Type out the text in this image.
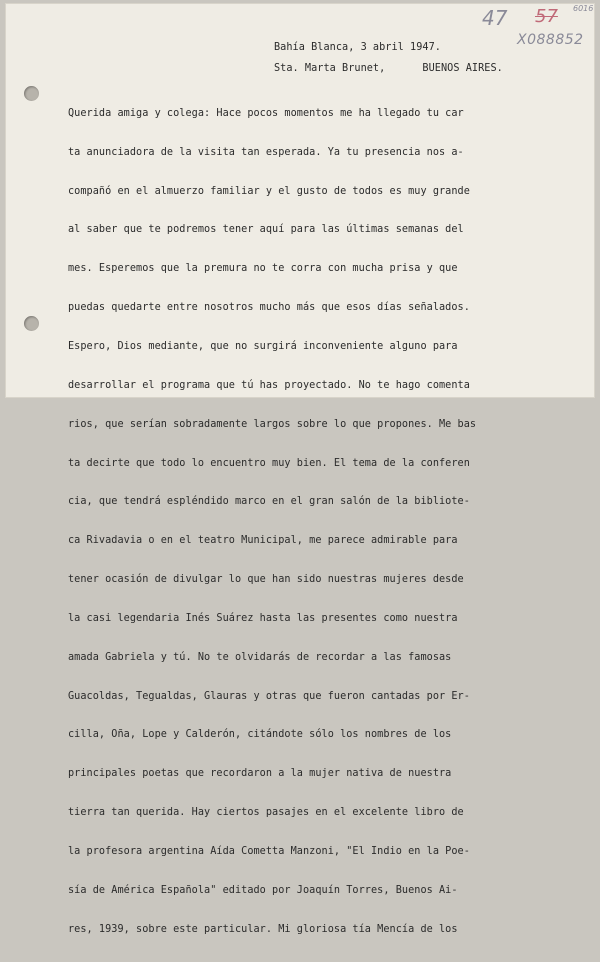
47 57 6016
X088852
Bahía Blanca, 3 abril 1947.
Sta. Marta Brunet,	BUENOS AIRES.

Querida amiga y colega: Hace pocos momentos me ha llegado tu car

ta anunciadora de la visita tan esperada. Ya tu presencia nos a-

compañó en el almuerzo familiar y el gusto de todos es muy grande

al saber que te podremos tener aquí para las últimas semanas del

mes. Esperemos que la premura no te corra con mucha prisa y que

puedas quedarte entre nosotros mucho más que esos días señalados.

Espero, Dios mediante, que no surgirá inconveniente alguno para

desarrollar el programa que tú has proyectado. No te hago comenta

rios, que serían sobradamente largos sobre lo que propones. Me bas

ta decirte que todo lo encuentro muy bien. El tema de la conferen

cia, que tendrá espléndido marco en el gran salón de la bibliote-

ca Rivadavia o en el teatro Municipal, me parece admirable para

tener ocasión de divulgar lo que han sido nuestras mujeres desde

la casi legendaria Inés Suárez hasta las presentes como nuestra

amada Gabriela y tú. No te olvidarás de recordar a las famosas

Guacoldas, Tegualdas, Glauras y otras que fueron cantadas por Er-

cilla, Oña, Lope y Calderón, citándote sólo los nombres de los

principales poetas que recordaron a la mujer nativa de nuestra

tierra tan querida. Hay ciertos pasajes en el excelente libro de

la profesora argentina Aída Cometta Manzoni, "El Indio en la Poe-

sía de América Española" editado por Joaquín Torres, Buenos Ai-

res, 1939, sobre este particular. Mi gloriosa tía Mencía de los
